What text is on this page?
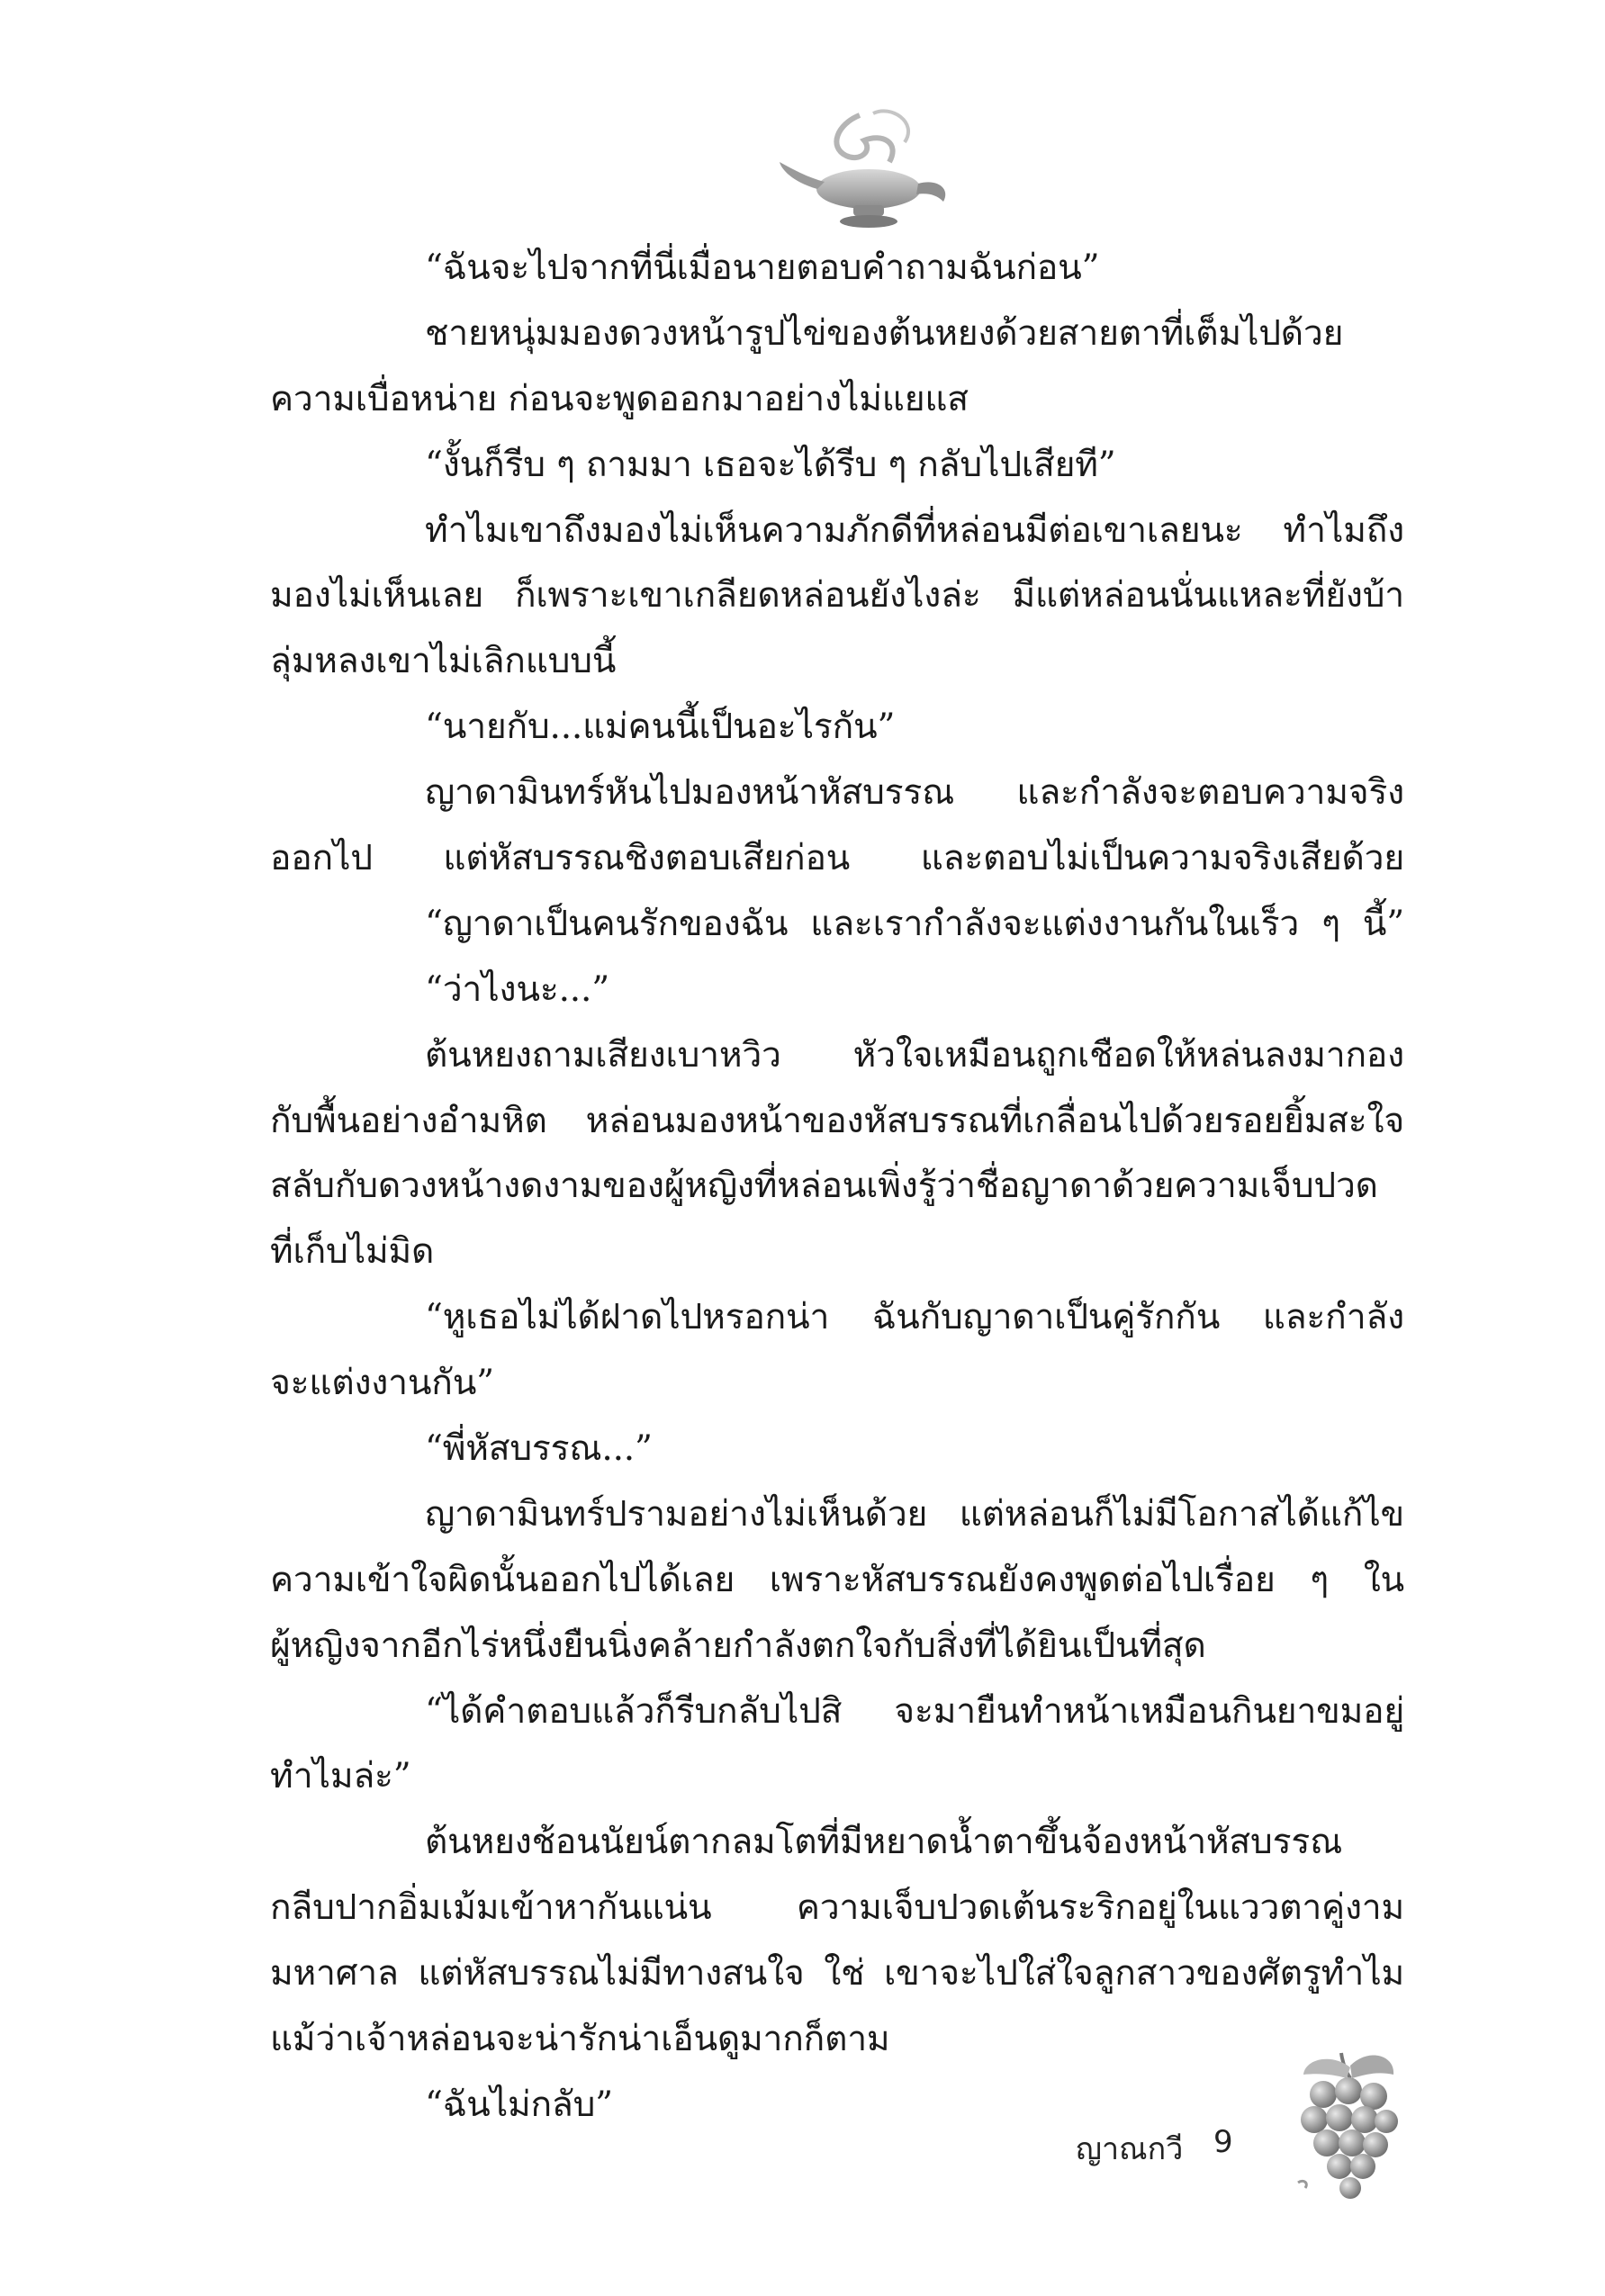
“ฉันจะไปจากที่นี่เมื่อนายตอบคำถามฉันก่อน”
ชายหนุ่มมองดวงหน้ารูปไข่ของต้นหยงด้วยสายตาที่เต็มไปด้วย
ความเบื่อหน่าย ก่อนจะพูดออกมาอย่างไม่แยแส
“งั้นก็รีบ ๆ ถามมา เธอจะได้รีบ ๆ กลับไปเสียที”
ทำไมเขาถึงมองไม่เห็นความภักดีที่หล่อนมีต่อเขาเลยนะ ทำไมถึง
มองไม่เห็นเลย ก็เพราะเขาเกลียดหล่อนยังไงล่ะ มีแต่หล่อนนั่นแหละที่ยังบ้า
ลุ่มหลงเขาไม่เลิกแบบนี้
“นายกับ...แม่คนนี้เป็นอะไรกัน”
ญาดามินทร์หันไปมองหน้าหัสบรรณ และกำลังจะตอบความจริง
ออกไป แต่หัสบรรณชิงตอบเสียก่อน และตอบไม่เป็นความจริงเสียด้วย
“ญาดาเป็นคนรักของฉัน และเรากำลังจะแต่งงานกันในเร็ว ๆ นี้”
“ว่าไงนะ...”
ต้นหยงถามเสียงเบาหวิว หัวใจเหมือนถูกเชือดให้หล่นลงมากอง
กับพื้นอย่างอำมหิต หล่อนมองหน้าของหัสบรรณที่เกลื่อนไปด้วยรอยยิ้มสะใจ
สลับกับดวงหน้างดงามของผู้หญิงที่หล่อนเพิ่งรู้ว่าชื่อญาดาด้วยความเจ็บปวด
ที่เก็บไม่มิด
“หูเธอไม่ได้ฝาดไปหรอกน่า ฉันกับญาดาเป็นคู่รักกัน และกำลัง
จะแต่งงานกัน”
“พี่หัสบรรณ...”
ญาดามินทร์ปรามอย่างไม่เห็นด้วย แต่หล่อนก็ไม่มีโอกาสได้แก้ไข
ความเข้าใจผิดนั้นออกไปได้เลย เพราะหัสบรรณยังคงพูดต่อไปเรื่อย ๆ ใน
ผู้หญิงจากอีกไร่หนึ่งยืนนิ่งคล้ายกำลังตกใจกับสิ่งที่ได้ยินเป็นที่สุด
“ได้คำตอบแล้วก็รีบกลับไปสิ จะมายืนทำหน้าเหมือนกินยาขมอยู่
ทำไมล่ะ”
ต้นหยงช้อนนัยน์ตากลมโตที่มีหยาดน้ำตาขึ้นจ้องหน้าหัสบรรณ
กลีบปากอิ่มเม้มเข้าหากันแน่น ความเจ็บปวดเต้นระริกอยู่ในแววตาคู่งาม
มหาศาล แต่หัสบรรณไม่มีทางสนใจ ใช่ เขาจะไปใส่ใจลูกสาวของศัตรูทำไม
แม้ว่าเจ้าหล่อนจะน่ารักน่าเอ็นดูมากก็ตาม
“ฉันไม่กลับ”
ญาณกวี 9
